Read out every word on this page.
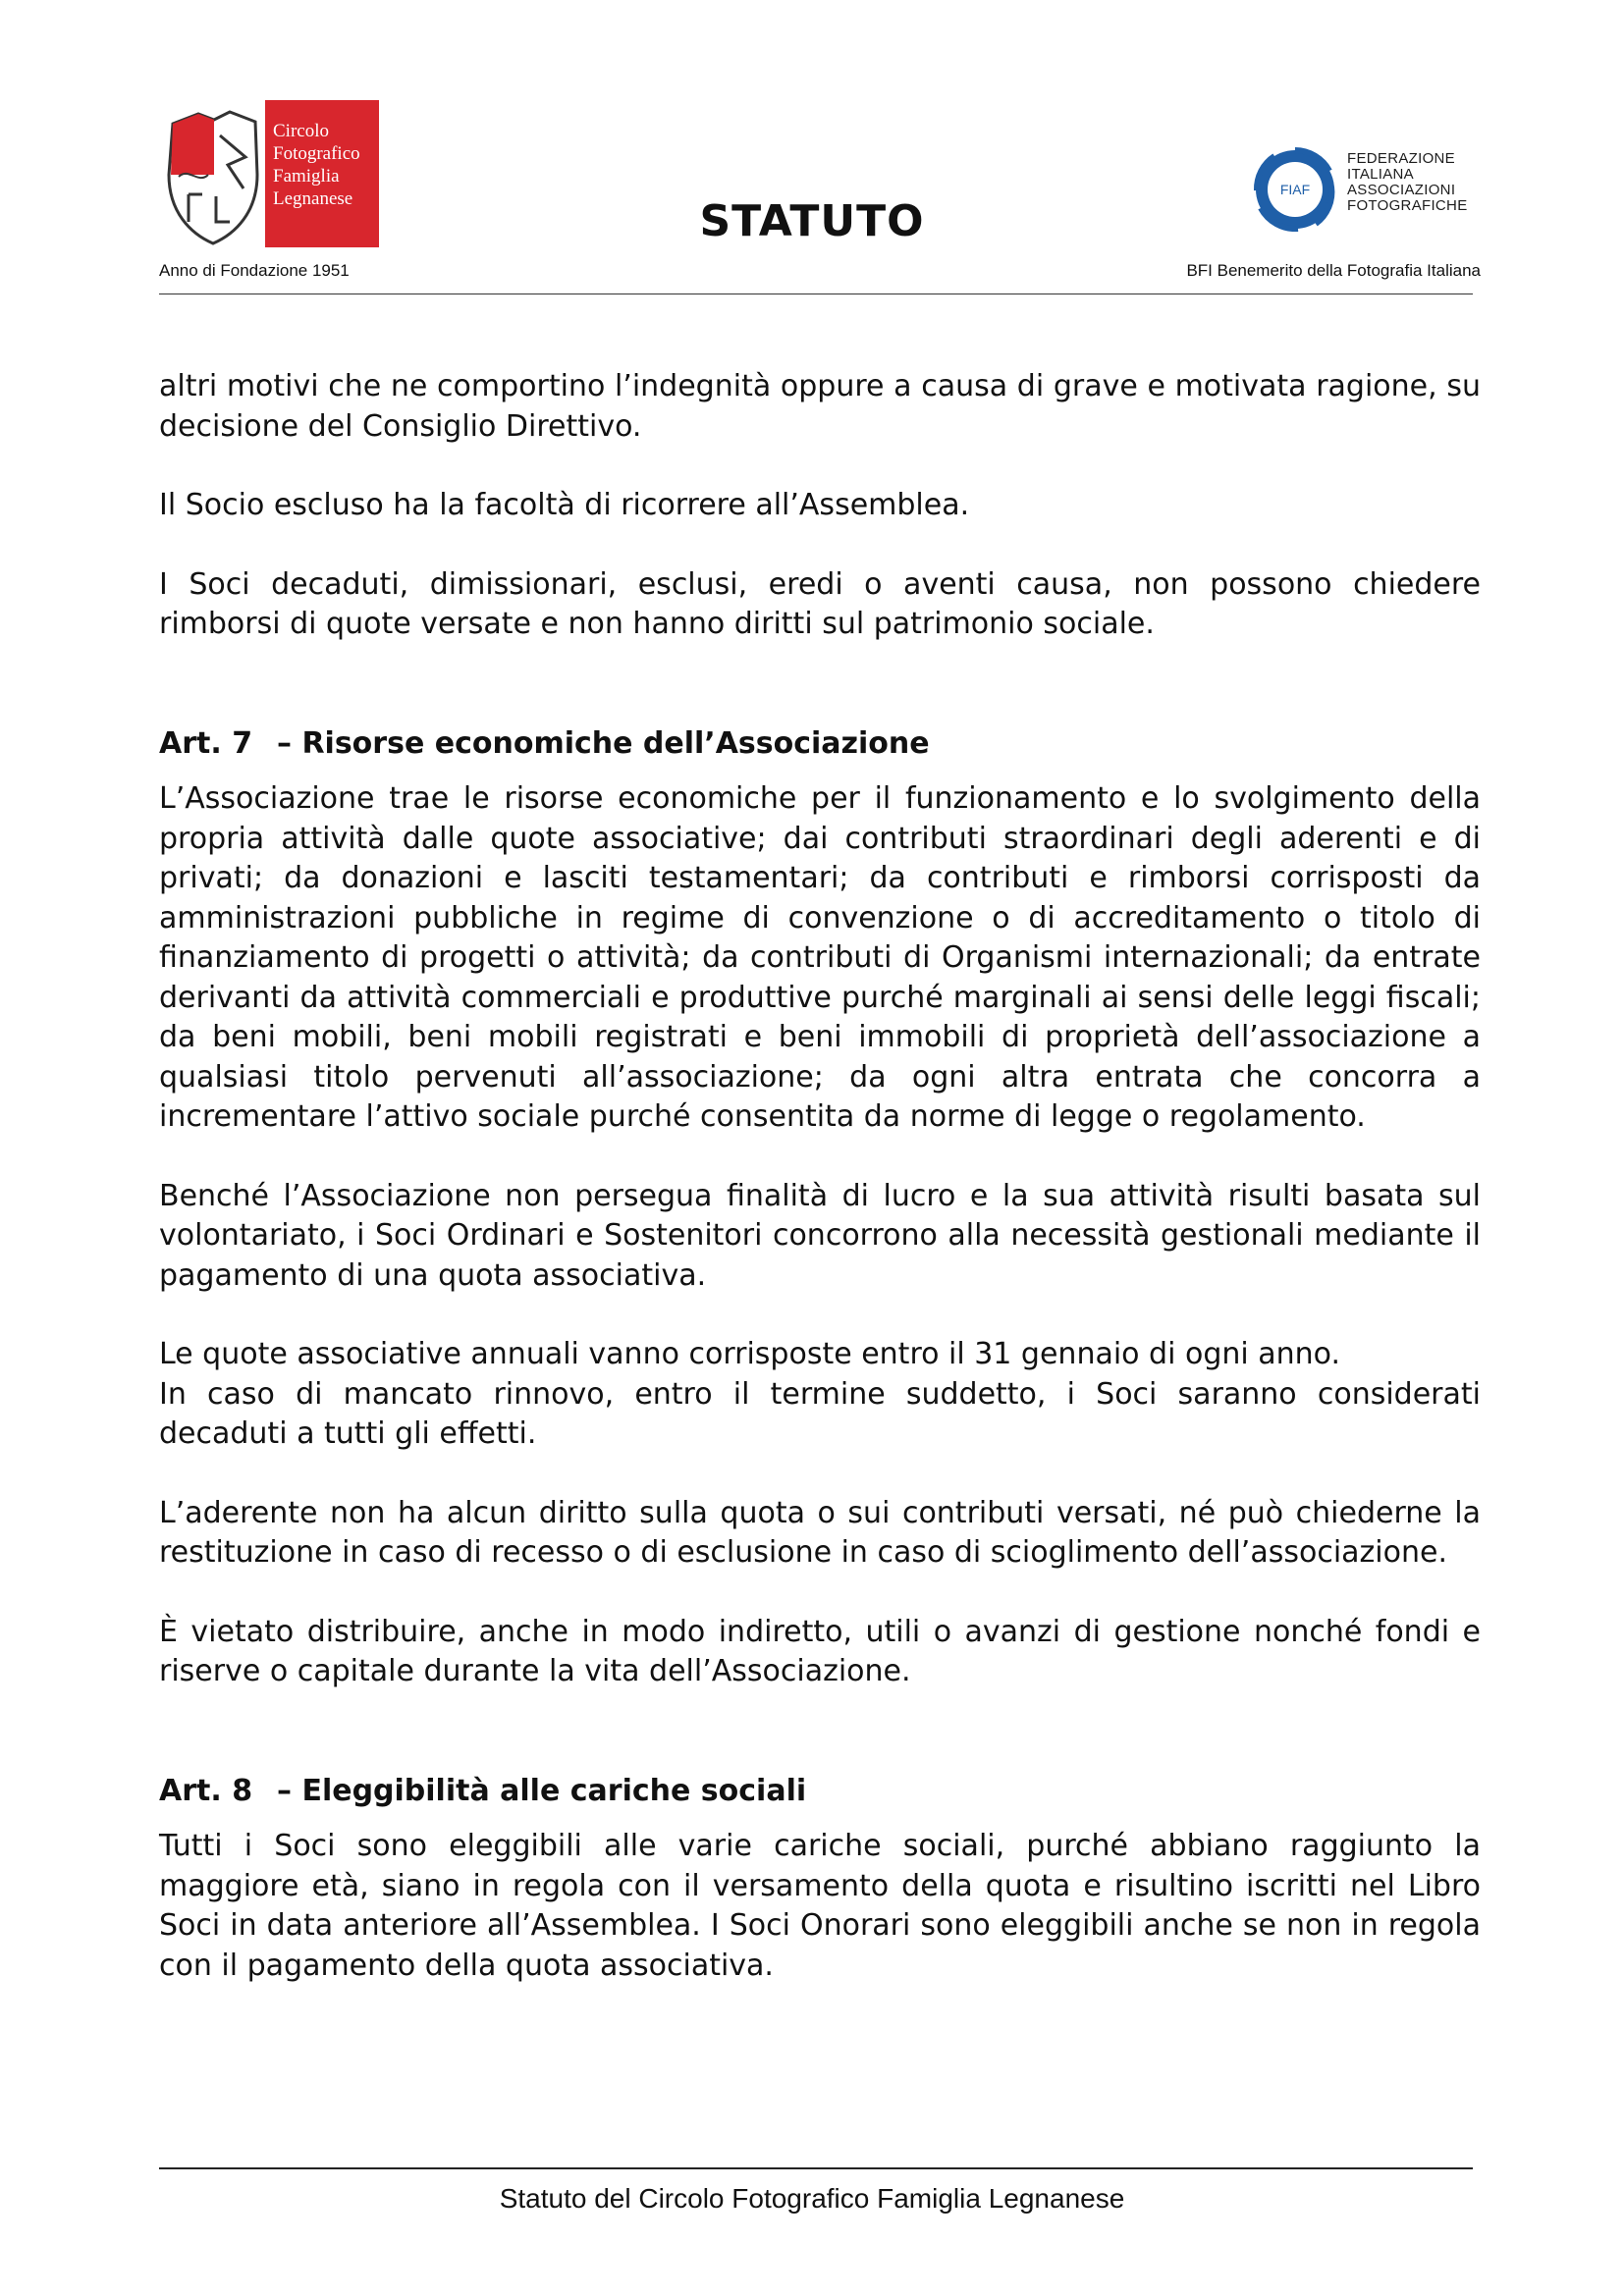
Circolo
Fotografico
Famiglia
Legnanese	STATUTO
FIAF
FEDERAZIONE
ITALIANA
ASSOCIAZIONI
FOTOGRAFICHE
Anno di Fondazione 1951	BFI Benemerito della Fotografia Italiana

altri motivi che ne comportino l’indegnità oppure a causa di grave e motivata ragione, su decisione del Consiglio Direttivo.

Il Socio escluso ha la facoltà di ricorrere all’Assemblea.

I Soci decaduti, dimissionari, esclusi, eredi o aventi causa, non possono chiedere rimborsi di quote versate e non hanno diritti sul patrimonio sociale.

Art. 7 – Risorse economiche dell’Associazione

L’Associazione trae le risorse economiche per il funzionamento e lo svolgimento della propria attività dalle quote associative; dai contributi straordinari degli aderenti e di privati; da donazioni e lasciti testamentari; da contributi e rimborsi corrisposti da amministrazioni pubbliche in regime di convenzione o di accreditamento o titolo di finanziamento di progetti o attività; da contributi di Organismi internazionali; da entrate derivanti da attività commerciali e produttive purché marginali ai sensi delle leggi fiscali; da beni mobili, beni mobili registrati e beni immobili di proprietà dell’associazione a qualsiasi titolo pervenuti all’associazione; da ogni altra entrata che concorra a incrementare l’attivo sociale purché consentita da norme di legge o regolamento.

Benché l’Associazione non persegua finalità di lucro e la sua attività risulti basata sul volontariato, i Soci Ordinari e Sostenitori concorrono alla necessità gestionali mediante il pagamento di una quota associativa.

Le quote associative annuali vanno corrisposte entro il 31 gennaio di ogni anno.

In caso di mancato rinnovo, entro il termine suddetto, i Soci saranno considerati decaduti a tutti gli effetti.

L’aderente non ha alcun diritto sulla quota o sui contributi versati, né può chiederne la restituzione in caso di recesso o di esclusione in caso di scioglimento dell’associazione.

È vietato distribuire, anche in modo indiretto, utili o avanzi di gestione nonché fondi e riserve o capitale durante la vita dell’Associazione.

Art. 8 – Eleggibilità alle cariche sociali

Tutti i Soci sono eleggibili alle varie cariche sociali, purché abbiano raggiunto la maggiore età, siano in regola con il versamento della quota e risultino iscritti nel Libro Soci in data anteriore all’Assemblea. I Soci Onorari sono eleggibili anche se non in regola con il pagamento della quota associativa.

Statuto del Circolo Fotografico Famiglia Legnanese
